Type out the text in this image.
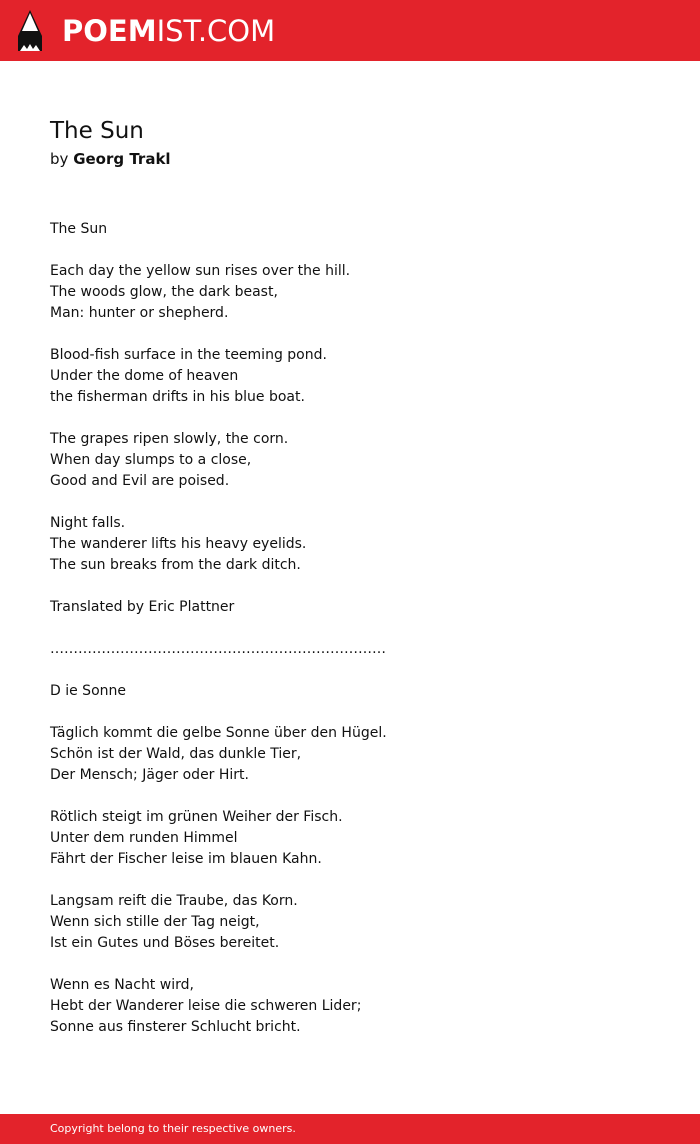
POEMIST.COM
The Sun
by Georg Trakl
The Sun

Each day the yellow sun rises over the hill.
The woods glow, the dark beast,
Man: hunter or shepherd.

Blood-fish surface in the teeming pond.
Under the dome of heaven
the fisherman drifts in his blue boat.

The grapes ripen slowly, the corn.
When day slumps to a close,
Good and Evil are poised.

Night falls.
The wanderer lifts his heavy eyelids.
The sun breaks from the dark ditch.

Translated by Eric Plattner

………………………………………………………………

D ie Sonne

Täglich kommt die gelbe Sonne über den Hügel.
Schön ist der Wald, das dunkle Tier,
Der Mensch; Jäger oder Hirt.

Rötlich steigt im grünen Weiher der Fisch.
Unter dem runden Himmel
Fährt der Fischer leise im blauen Kahn.

Langsam reift die Traube, das Korn.
Wenn sich stille der Tag neigt,
Ist ein Gutes und Böses bereitet.

Wenn es Nacht wird,
Hebt der Wanderer leise die schweren Lider;
Sonne aus finsterer Schlucht bricht.
Copyright belong to their respective owners.
